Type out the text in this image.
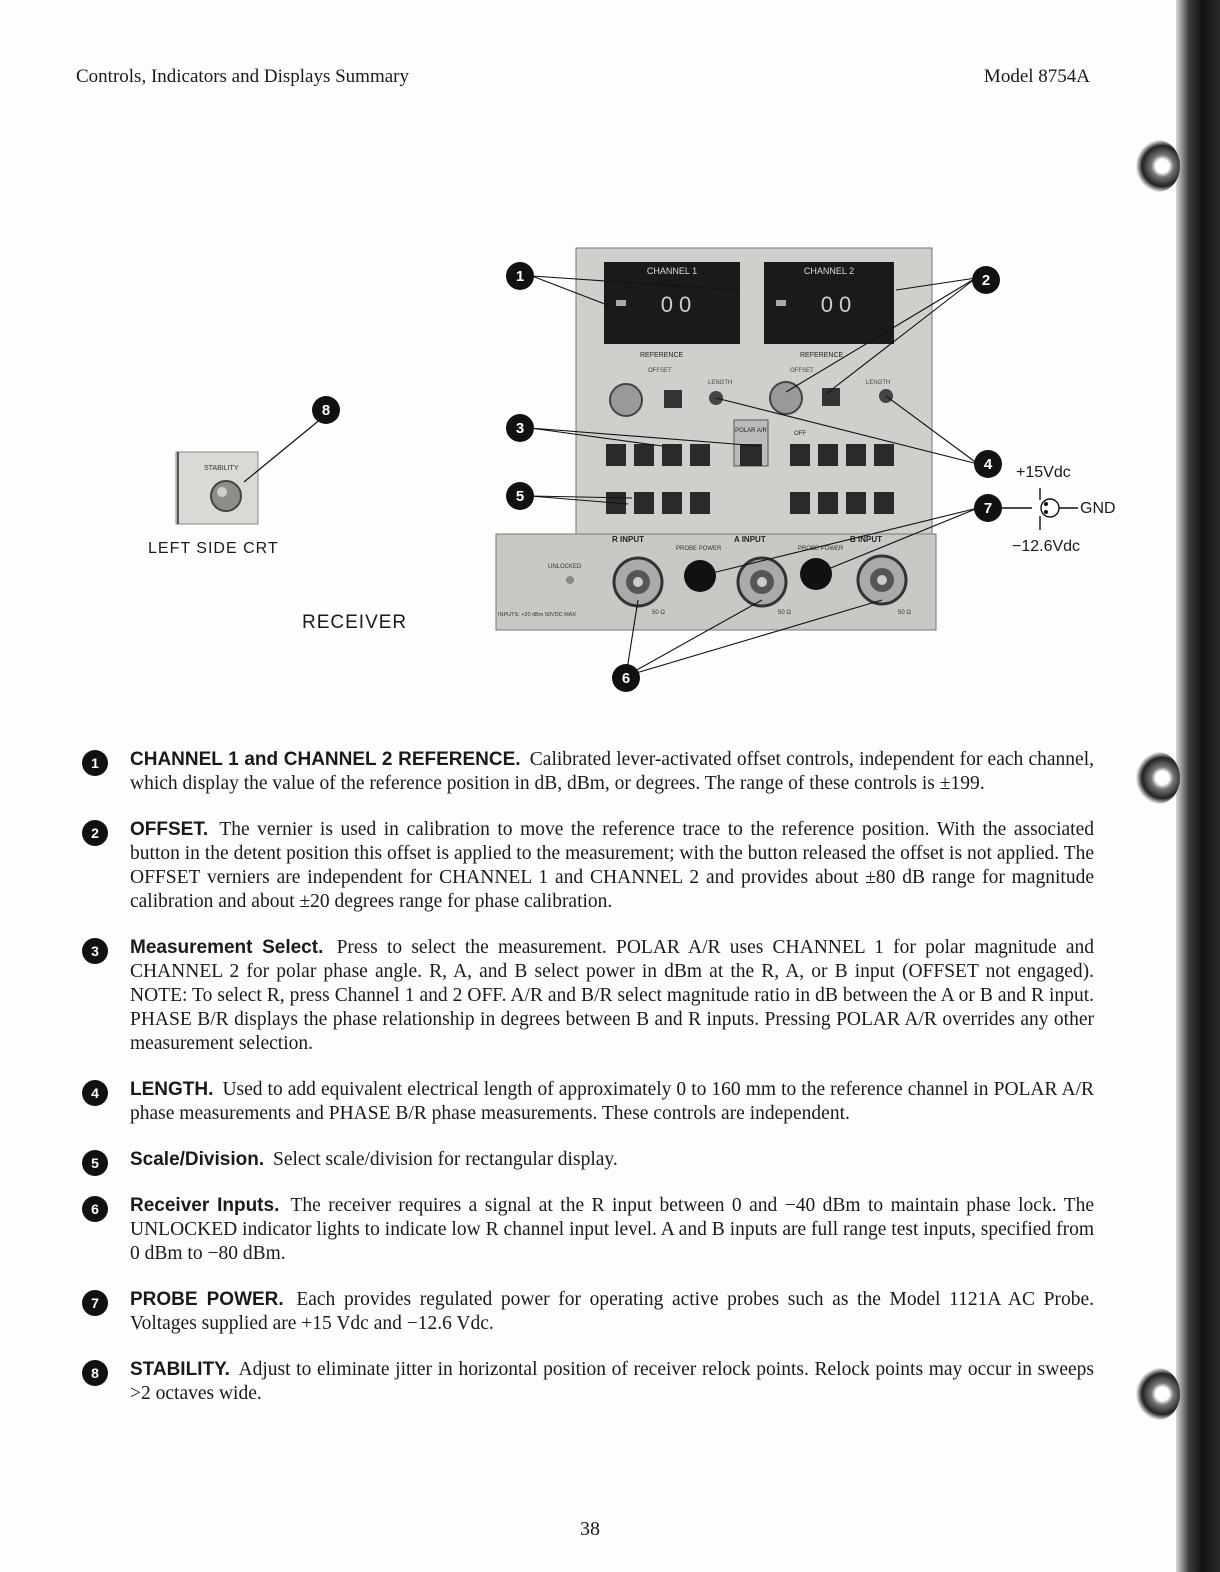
Controls, Indicators and Displays Summary	Model 8754A
STABILITY
CHANNEL 1	CHANNEL 2
0 0	0 0
REFERENCE	REFERENCE
OFFSET	OFFSET
LENGTH	LENGTH
POLAR A/R	OFF
R INPUT	A INPUT	B INPUT
PROBE POWER	PROBE POWER
UNLOCKED
INPUTS: +20 dBm 50VDC MAX	50 Ω	50 Ω	50 Ω
1	2
3
4
5
6
7
8
LEFT SIDE CRT
RECEIVER
+15Vdc
GND
−12.6Vdc
1	CHANNEL 1 and CHANNEL 2 REFERENCE. Calibrated lever-activated offset controls, independent for each channel, which display the value of the reference position in dB, dBm, or degrees. The range of these controls is ±199.
2	OFFSET. The vernier is used in calibration to move the reference trace to the reference position. With the associated button in the detent position this offset is applied to the measurement; with the button released the offset is not applied. The OFFSET verniers are independent for CHANNEL 1 and CHANNEL 2 and provides about ±80 dB range for magnitude calibration and about ±20 degrees range for phase calibration.
3	Measurement Select. Press to select the measurement. POLAR A/R uses CHANNEL 1 for polar magnitude and CHANNEL 2 for polar phase angle. R, A, and B select power in dBm at the R, A, or B input (OFFSET not engaged). NOTE: To select R, press Channel 1 and 2 OFF. A/R and B/R select magnitude ratio in dB between the A or B and R input. PHASE B/R displays the phase relationship in degrees between B and R inputs. Pressing POLAR A/R overrides any other measurement selection.
4	LENGTH. Used to add equivalent electrical length of approximately 0 to 160 mm to the reference channel in POLAR A/R phase measurements and PHASE B/R phase measurements. These controls are independent.
5	Scale/Division. Select scale/division for rectangular display.
6	Receiver Inputs. The receiver requires a signal at the R input between 0 and −40 dBm to maintain phase lock. The UNLOCKED indicator lights to indicate low R channel input level. A and B inputs are full range test inputs, specified from 0 dBm to −80 dBm.
7	PROBE POWER. Each provides regulated power for operating active probes such as the Model 1121A AC Probe. Voltages supplied are +15 Vdc and −12.6 Vdc.
8	STABILITY. Adjust to eliminate jitter in horizontal position of receiver relock points. Relock points may occur in sweeps >2 octaves wide.
38
